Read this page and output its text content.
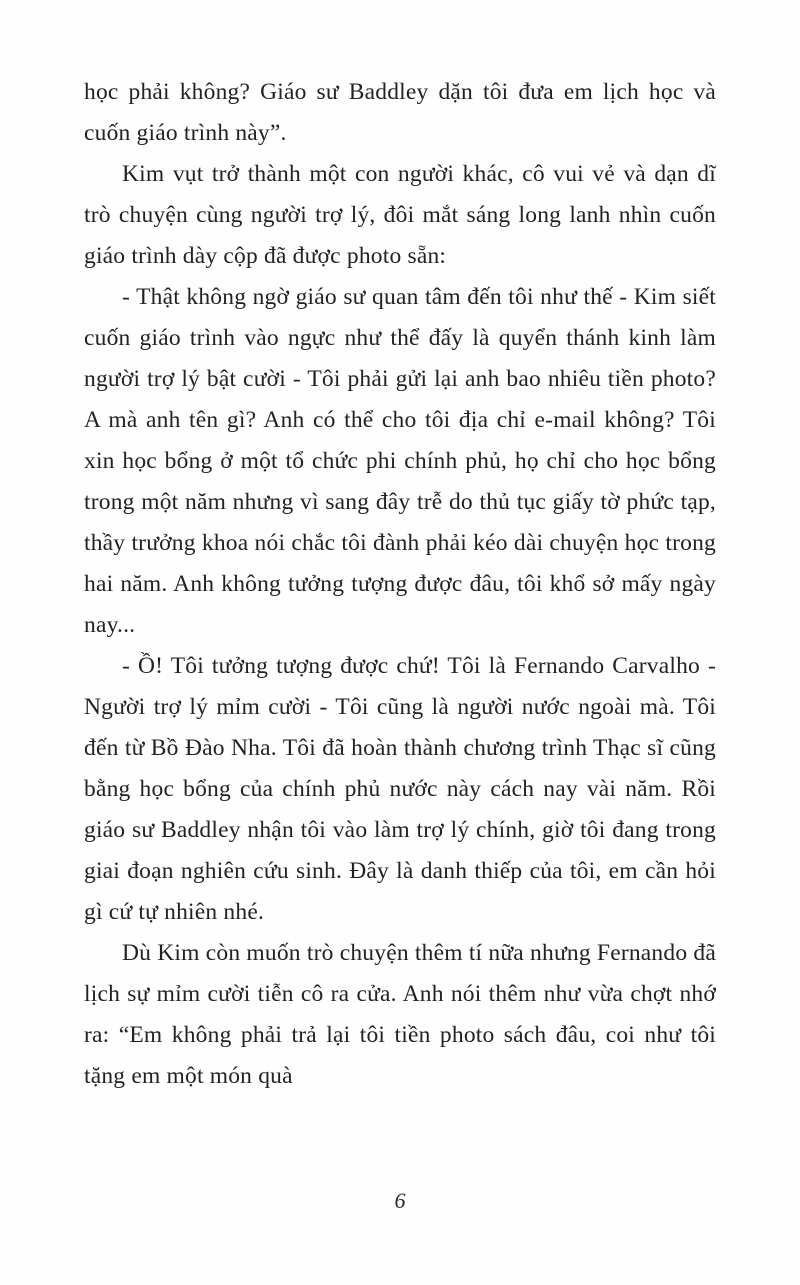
học phải không? Giáo sư Baddley dặn tôi đưa em lịch học và cuốn giáo trình này”.

Kim vụt trở thành một con người khác, cô vui vẻ và dạn dĩ trò chuyện cùng người trợ lý, đôi mắt sáng long lanh nhìn cuốn giáo trình dày cộp đã được photo sẵn:

- Thật không ngờ giáo sư quan tâm đến tôi như thế - Kim siết cuốn giáo trình vào ngực như thể đấy là quyển thánh kinh làm người trợ lý bật cười - Tôi phải gửi lại anh bao nhiêu tiền photo? A mà anh tên gì? Anh có thể cho tôi địa chỉ e-mail không? Tôi xin học bổng ở một tổ chức phi chính phủ, họ chỉ cho học bổng trong một năm nhưng vì sang đây trễ do thủ tục giấy tờ phức tạp, thầy trưởng khoa nói chắc tôi đành phải kéo dài chuyện học trong hai năm. Anh không tưởng tượng được đâu, tôi khổ sở mấy ngày nay...

- Ồ! Tôi tưởng tượng được chứ! Tôi là Fernando Carvalho - Người trợ lý mỉm cười - Tôi cũng là người nước ngoài mà. Tôi đến từ Bồ Đào Nha. Tôi đã hoàn thành chương trình Thạc sĩ cũng bằng học bổng của chính phủ nước này cách nay vài năm. Rồi giáo sư Baddley nhận tôi vào làm trợ lý chính, giờ tôi đang trong giai đoạn nghiên cứu sinh. Đây là danh thiếp của tôi, em cần hỏi gì cứ tự nhiên nhé.

Dù Kim còn muốn trò chuyện thêm tí nữa nhưng Fernando đã lịch sự mỉm cười tiễn cô ra cửa. Anh nói thêm như vừa chợt nhớ ra: “Em không phải trả lại tôi tiền photo sách đâu, coi như tôi tặng em một món quà

6
